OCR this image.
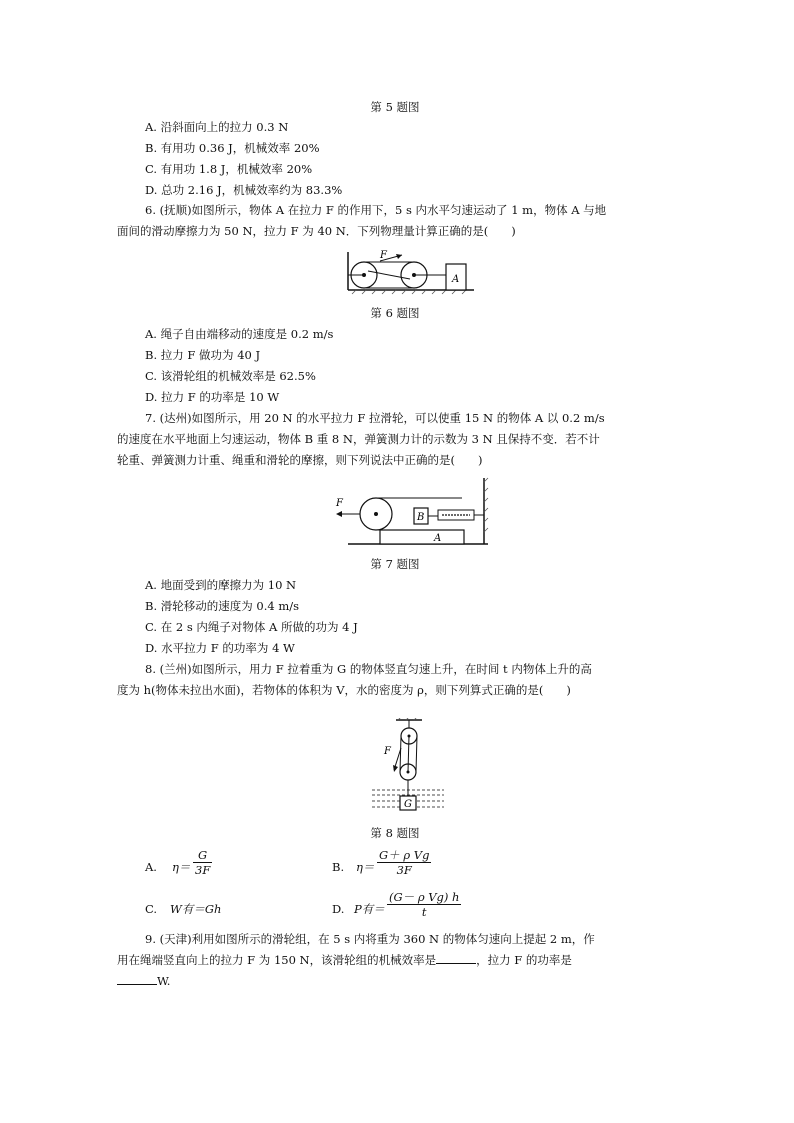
第 5 题图
A. 沿斜面向上的拉力 0.3 N
B. 有用功 0.36 J，机械效率 20%
C. 有用功 1.8 J，机械效率 20%
D. 总功 2.16 J，机械效率约为 83.3%
6. (抚顺)如图所示，物体 A 在拉力 F 的作用下，5 s 内水平匀速运动了 1 m，物体 A 与地
面间的滑动摩擦力为 50 N，拉力 F 为 40 N．下列物理量计算正确的是(　　)
F
A
第 6 题图
A. 绳子自由端移动的速度是 0.2 m/s
B. 拉力 F 做功为 40 J
C. 该滑轮组的机械效率是 62.5%
D. 拉力 F 的功率是 10 W
7. (达州)如图所示，用 20 N 的水平拉力 F 拉滑轮，可以使重 15 N 的物体 A 以 0.2 m/s
的速度在水平地面上匀速运动，物体 B 重 8 N，弹簧测力计的示数为 3 N 且保持不变．若不计
轮重、弹簧测力计重、绳重和滑轮的摩擦，则下列说法中正确的是(　　)
F
B
A
第 7 题图
A. 地面受到的摩擦力为 10 N
B. 滑轮移动的速度为 0.4 m/s
C. 在 2 s 内绳子对物体 A 所做的功为 4 J
D. 水平拉力 F 的功率为 4 W
8. (兰州)如图所示，用力 F 拉着重为 G 的物体竖直匀速上升，在时间 t 内物体上升的高
度为 h(物体未拉出水面)，若物体的体积为 V，水的密度为 ρ，则下列算式正确的是(　　)
F
G
第 8 题图
A. $\eta= \frac{G}{3F}$	B. $\eta= \frac{\text{G＋ ρ Vg}}{3F}$
C. W有＝Gh	D. P有＝ $\frac{\text{(G－ ρ Vg) h}}{t}$
9. (天津)利用如图所示的滑轮组，在 5 s 内将重为 360 N 的物体匀速向上提起 2 m，作
用在绳端竖直向上的拉力 F 为 150 N，该滑轮组的机械效率是	，拉力 F 的功率是
W.
